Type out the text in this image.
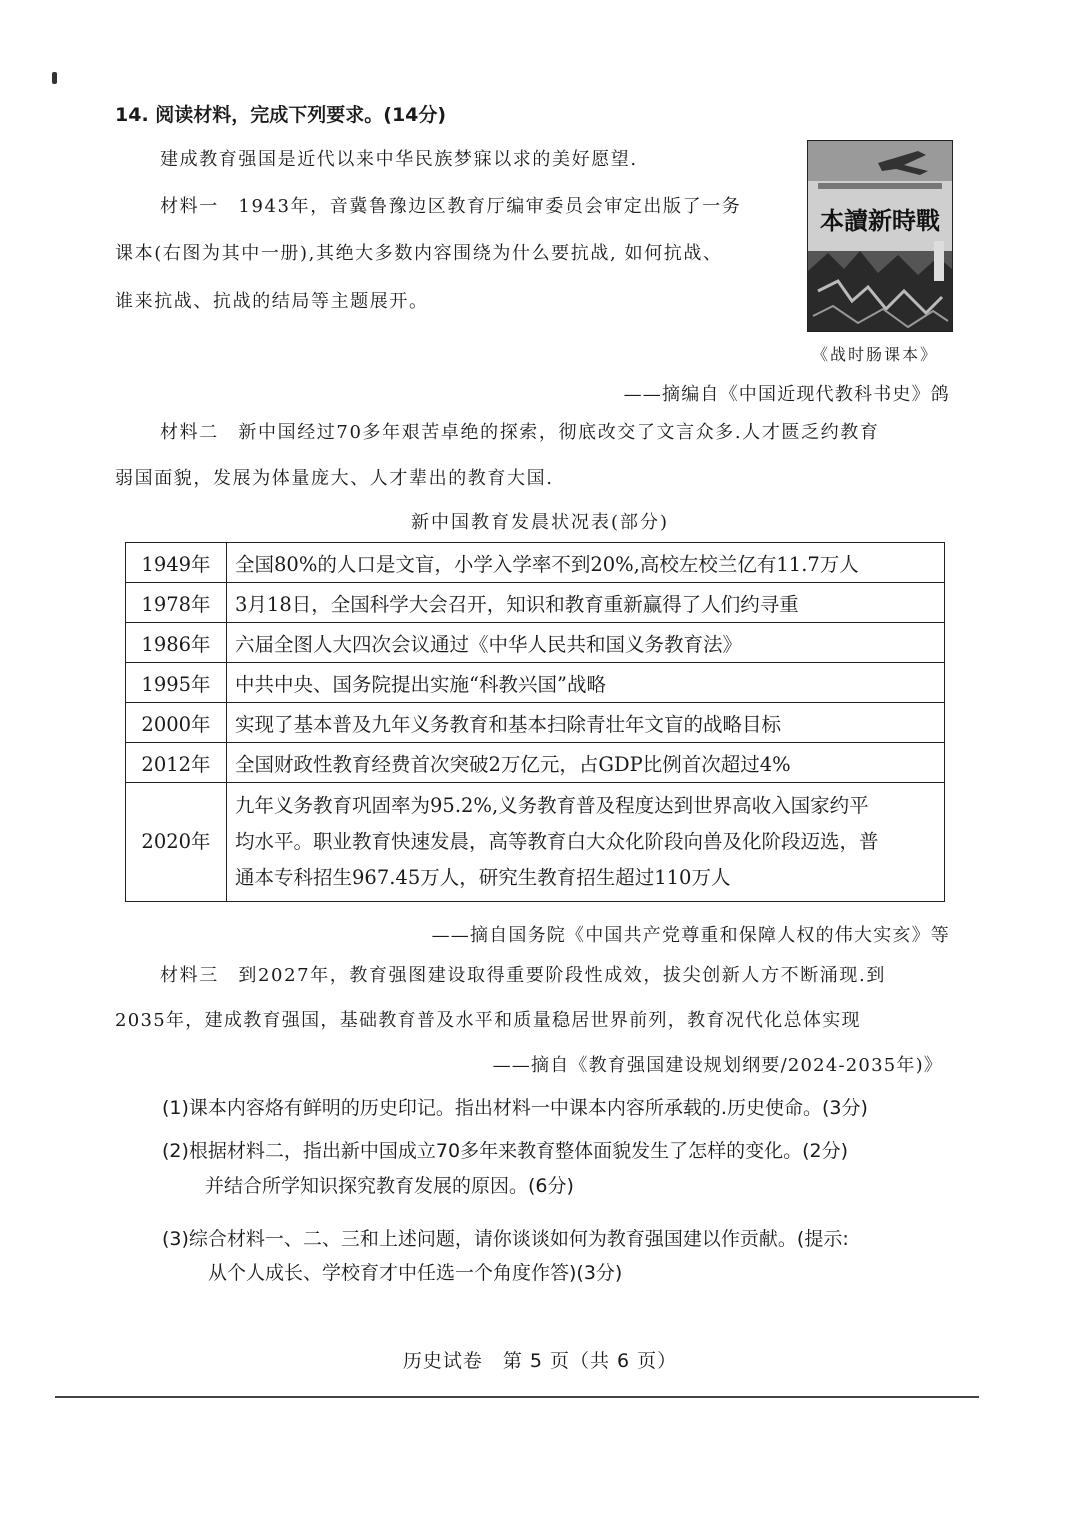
14. 阅读材料，完成下列要求。(14分)
建成教育强国是近代以来中华民族梦寐以求的美好愿望.
材料一　1943年，音冀鲁豫边区教育厅编审委员会审定出版了一务
课本(右图为其中一册),其绝大多数内容围绕为什么要抗战, 如何抗战、
谁来抗战、抗战的结局等主题展开。
本讀新時戰
《战时肠课本》
——摘编自《中国近现代教科书史》鸽
材料二　新中国经过70多年艰苦卓绝的探索，彻底改交了文言众多.人才匮乏约教育
弱国面貌，发展为体量庞大、人才辈出的教育大国.
新中国教育发晨状况表(部分)
1949年	全国80%的人口是文盲，小学入学率不到20%,高校左校兰亿有11.7万人
1978年	3月18日，全国科学大会召开，知识和教育重新赢得了人们约寻重
1986年	六届全图人大四次会议通过《中华人民共和国义务教育法》
1995年	中共中央、国务院提出实施“科教兴国”战略
2000年	实现了基本普及九年义务教育和基本扫除青壮年文盲的战略目标
2012年	全国财政性教育经费首次突破2万亿元，占GDP比例首次超过4%
2020年	九年义务教育巩固率为95.2%,义务教育普及程度达到世界高收入国家约平
均水平。职业教育快速发晨，高等教育白大众化阶段向兽及化阶段迈选，普
通本专科招生967.45万人，研究生教育招生超过110万人
——摘自国务院《中国共产党尊重和保障人权的伟大实亥》等
材料三　到2027年，教育强图建设取得重要阶段性成效，拔尖创新人方不断涌现.到
2035年，建成教育强国，基础教育普及水平和质量稳居世界前列，教育况代化总体实现
——摘自《教育强国建设规划纲要/2024-2035年)》
(1)课本内容烙有鲜明的历史印记。指出材料一中课本内容所承载的.历史使命。(3分)
(2)根据材料二，指出新中国成立70多年来教育整体面貌发生了怎样的变化。(2分)
并结合所学知识探究教育发展的原因。(6分)
(3)综合材料一、二、三和上述问题，请你谈谈如何为教育强国建以作贡献。(提示:
从个人成长、学校育才中任选一个角度作答)(3分)
历史试卷　第 5 页（共 6 页）
